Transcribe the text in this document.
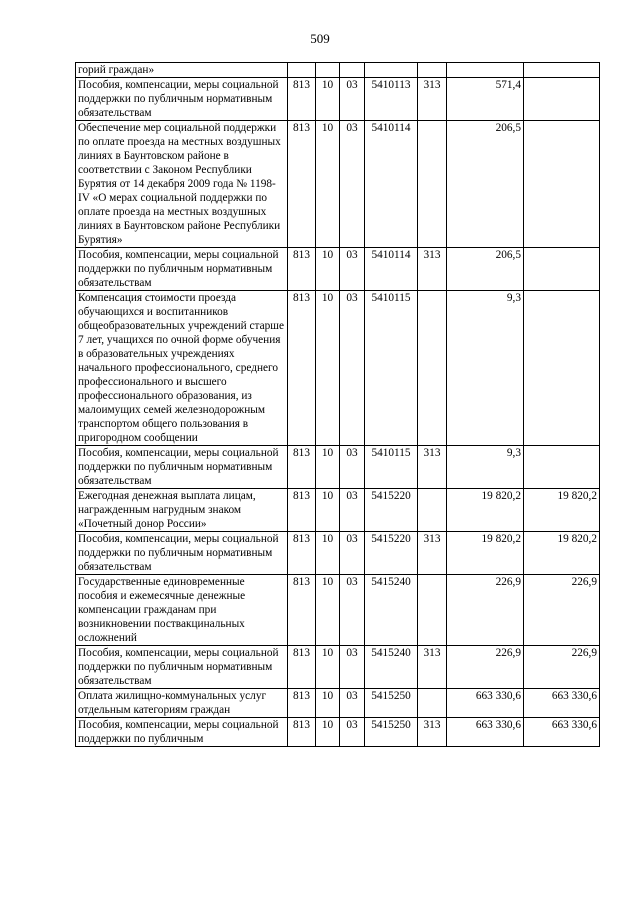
509
горий граждан»							
Пособия, компенсации, меры социальной поддержки по публичным нормативным обязательствам	813	10	03	5410113	313	571,4	
Обеспечение мер социальной поддержки по оплате проезда на местных воздушных линиях в Баунтовском районе в соответствии с Законом Республики Бурятия от 14 декабря 2009 года № 1198-IV «О мерах социальной поддержки по оплате проезда на местных воздушных линиях в Баунтовском районе Республики Бурятия»	813	10	03	5410114		206,5	
Пособия, компенсации, меры социальной поддержки по публичным нормативным обязательствам	813	10	03	5410114	313	206,5	
Компенсация стоимости проезда обучающихся и воспитанников общеобразовательных учреждений старше 7 лет, учащихся по очной форме обучения в образовательных учреждениях начального профессионального, среднего профессионального и высшего профессионального образования, из малоимущих семей железнодорожным транспортом общего пользования в пригородном сообщении	813	10	03	5410115		9,3	
Пособия, компенсации, меры социальной поддержки по публичным нормативным обязательствам	813	10	03	5410115	313	9,3	
Ежегодная денежная выплата лицам, награжденным нагрудным знаком «Почетный донор России»	813	10	03	5415220		19 820,2	19 820,2
Пособия, компенсации, меры социальной поддержки по публичным нормативным обязательствам	813	10	03	5415220	313	19 820,2	19 820,2
Государственные единовременные пособия и ежемесячные денежные компенсации гражданам при возникновении поствакцинальных осложнений	813	10	03	5415240		226,9	226,9
Пособия, компенсации, меры социальной поддержки по публичным нормативным обязательствам	813	10	03	5415240	313	226,9	226,9
Оплата жилищно-коммунальных услуг отдельным категориям граждан	813	10	03	5415250		663 330,6	663 330,6
Пособия, компенсации, меры социальной поддержки по публичным	813	10	03	5415250	313	663 330,6	663 330,6
